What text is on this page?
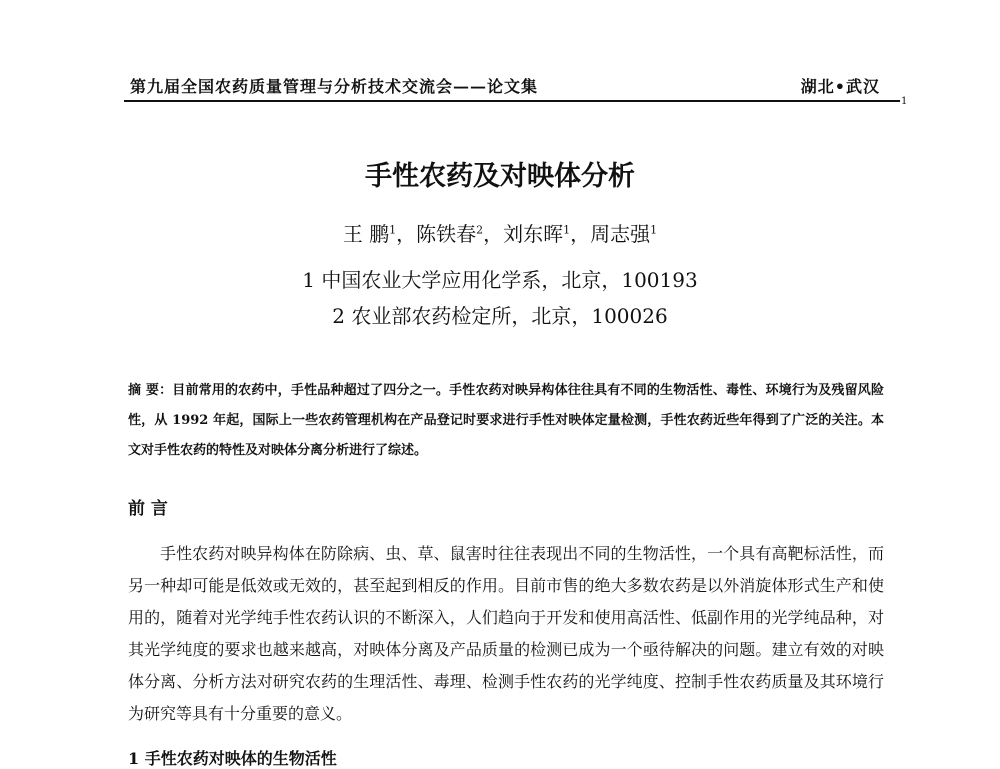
第九届全国农药质量管理与分析技术交流会——论文集	湖北•武汉
1
手性农药及对映体分析
王 鹏$^1$，陈铁春$^2$，刘东晖$^1$，周志强$^1$
1 中国农业大学应用化学系，北京，100193
2 农业部农药检定所，北京，100026
摘 要：目前常用的农药中，手性品种超过了四分之一。手性农药对映异构体往往具有不同的生物活性、毒性、环境行为及残留风险性，从 1992 年起，国际上一些农药管理机构在产品登记时要求进行手性对映体定量检测，手性农药近些年得到了广泛的关注。本文对手性农药的特性及对映体分离分析进行了综述。
前 言
手性农药对映异构体在防除病、虫、草、鼠害时往往表现出不同的生物活性，一个具有高靶标活性，而另一种却可能是低效或无效的，甚至起到相反的作用。目前市售的绝大多数农药是以外消旋体形式生产和使用的，随着对光学纯手性农药认识的不断深入，人们趋向于开发和使用高活性、低副作用的光学纯品种，对其光学纯度的要求也越来越高，对映体分离及产品质量的检测已成为一个亟待解决的问题。建立有效的对映体分离、分析方法对研究农药的生理活性、毒理、检测手性农药的光学纯度、控制手性农药质量及其环境行为研究等具有十分重要的意义。
1 手性农药对映体的生物活性
